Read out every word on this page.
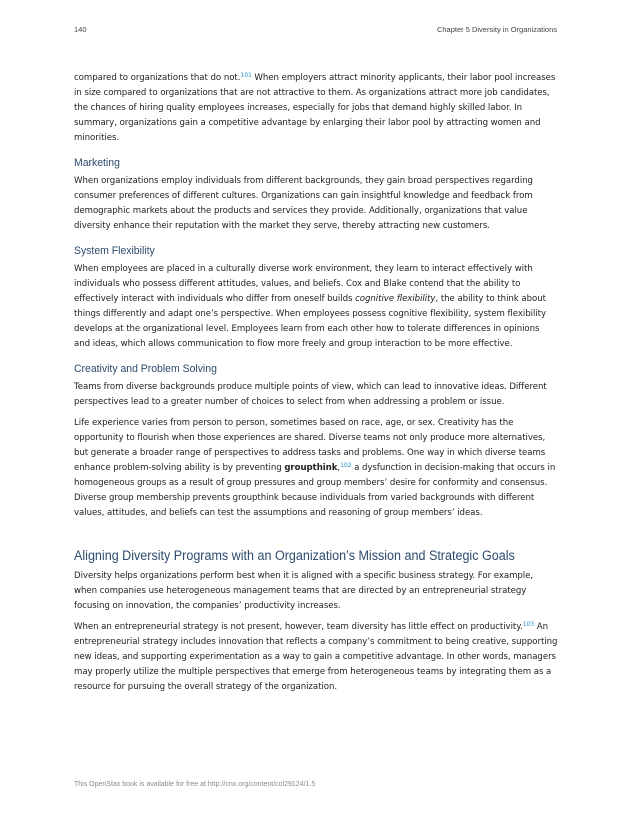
140	Chapter 5 Diversity in Organizations

compared to organizations that do not.$^{101}$ When employers attract minority applicants, their labor pool increases in size compared to organizations that are not attractive to them. As organizations attract more job candidates, the chances of hiring quality employees increases, especially for jobs that demand highly skilled labor. In summary, organizations gain a competitive advantage by enlarging their labor pool by attracting women and minorities.

Marketing

When organizations employ individuals from different backgrounds, they gain broad perspectives regarding consumer preferences of different cultures. Organizations can gain insightful knowledge and feedback from demographic markets about the products and services they provide. Additionally, organizations that value diversity enhance their reputation with the market they serve, thereby attracting new customers.

System Flexibility

When employees are placed in a culturally diverse work environment, they learn to interact effectively with individuals who possess different attitudes, values, and beliefs. Cox and Blake contend that the ability to effectively interact with individuals who differ from oneself builds cognitive flexibility, the ability to think about things differently and adapt one’s perspective. When employees possess cognitive flexibility, system flexibility develops at the organizational level. Employees learn from each other how to tolerate differences in opinions and ideas, which allows communication to flow more freely and group interaction to be more effective.

Creativity and Problem Solving

Teams from diverse backgrounds produce multiple points of view, which can lead to innovative ideas. Different perspectives lead to a greater number of choices to select from when addressing a problem or issue.

Life experience varies from person to person, sometimes based on race, age, or sex. Creativity has the opportunity to flourish when those experiences are shared. Diverse teams not only produce more alternatives, but generate a broader range of perspectives to address tasks and problems. One way in which diverse teams enhance problem-solving ability is by preventing groupthink,$^{102}$ a dysfunction in decision-making that occurs in homogeneous groups as a result of group pressures and group members’ desire for conformity and consensus. Diverse group membership prevents groupthink because individuals from varied backgrounds with different values, attitudes, and beliefs can test the assumptions and reasoning of group members’ ideas.

Aligning Diversity Programs with an Organization’s Mission and Strategic Goals

Diversity helps organizations perform best when it is aligned with a specific business strategy. For example, when companies use heterogeneous management teams that are directed by an entrepreneurial strategy focusing on innovation, the companies’ productivity increases.

When an entrepreneurial strategy is not present, however, team diversity has little effect on productivity.$^{103}$ An entrepreneurial strategy includes innovation that reflects a company’s commitment to being creative, supporting new ideas, and supporting experimentation as a way to gain a competitive advantage. In other words, managers may properly utilize the multiple perspectives that emerge from heterogeneous teams by integrating them as a resource for pursuing the overall strategy of the organization.

This OpenStax book is available for free at http://cnx.org/content/col29124/1.5
